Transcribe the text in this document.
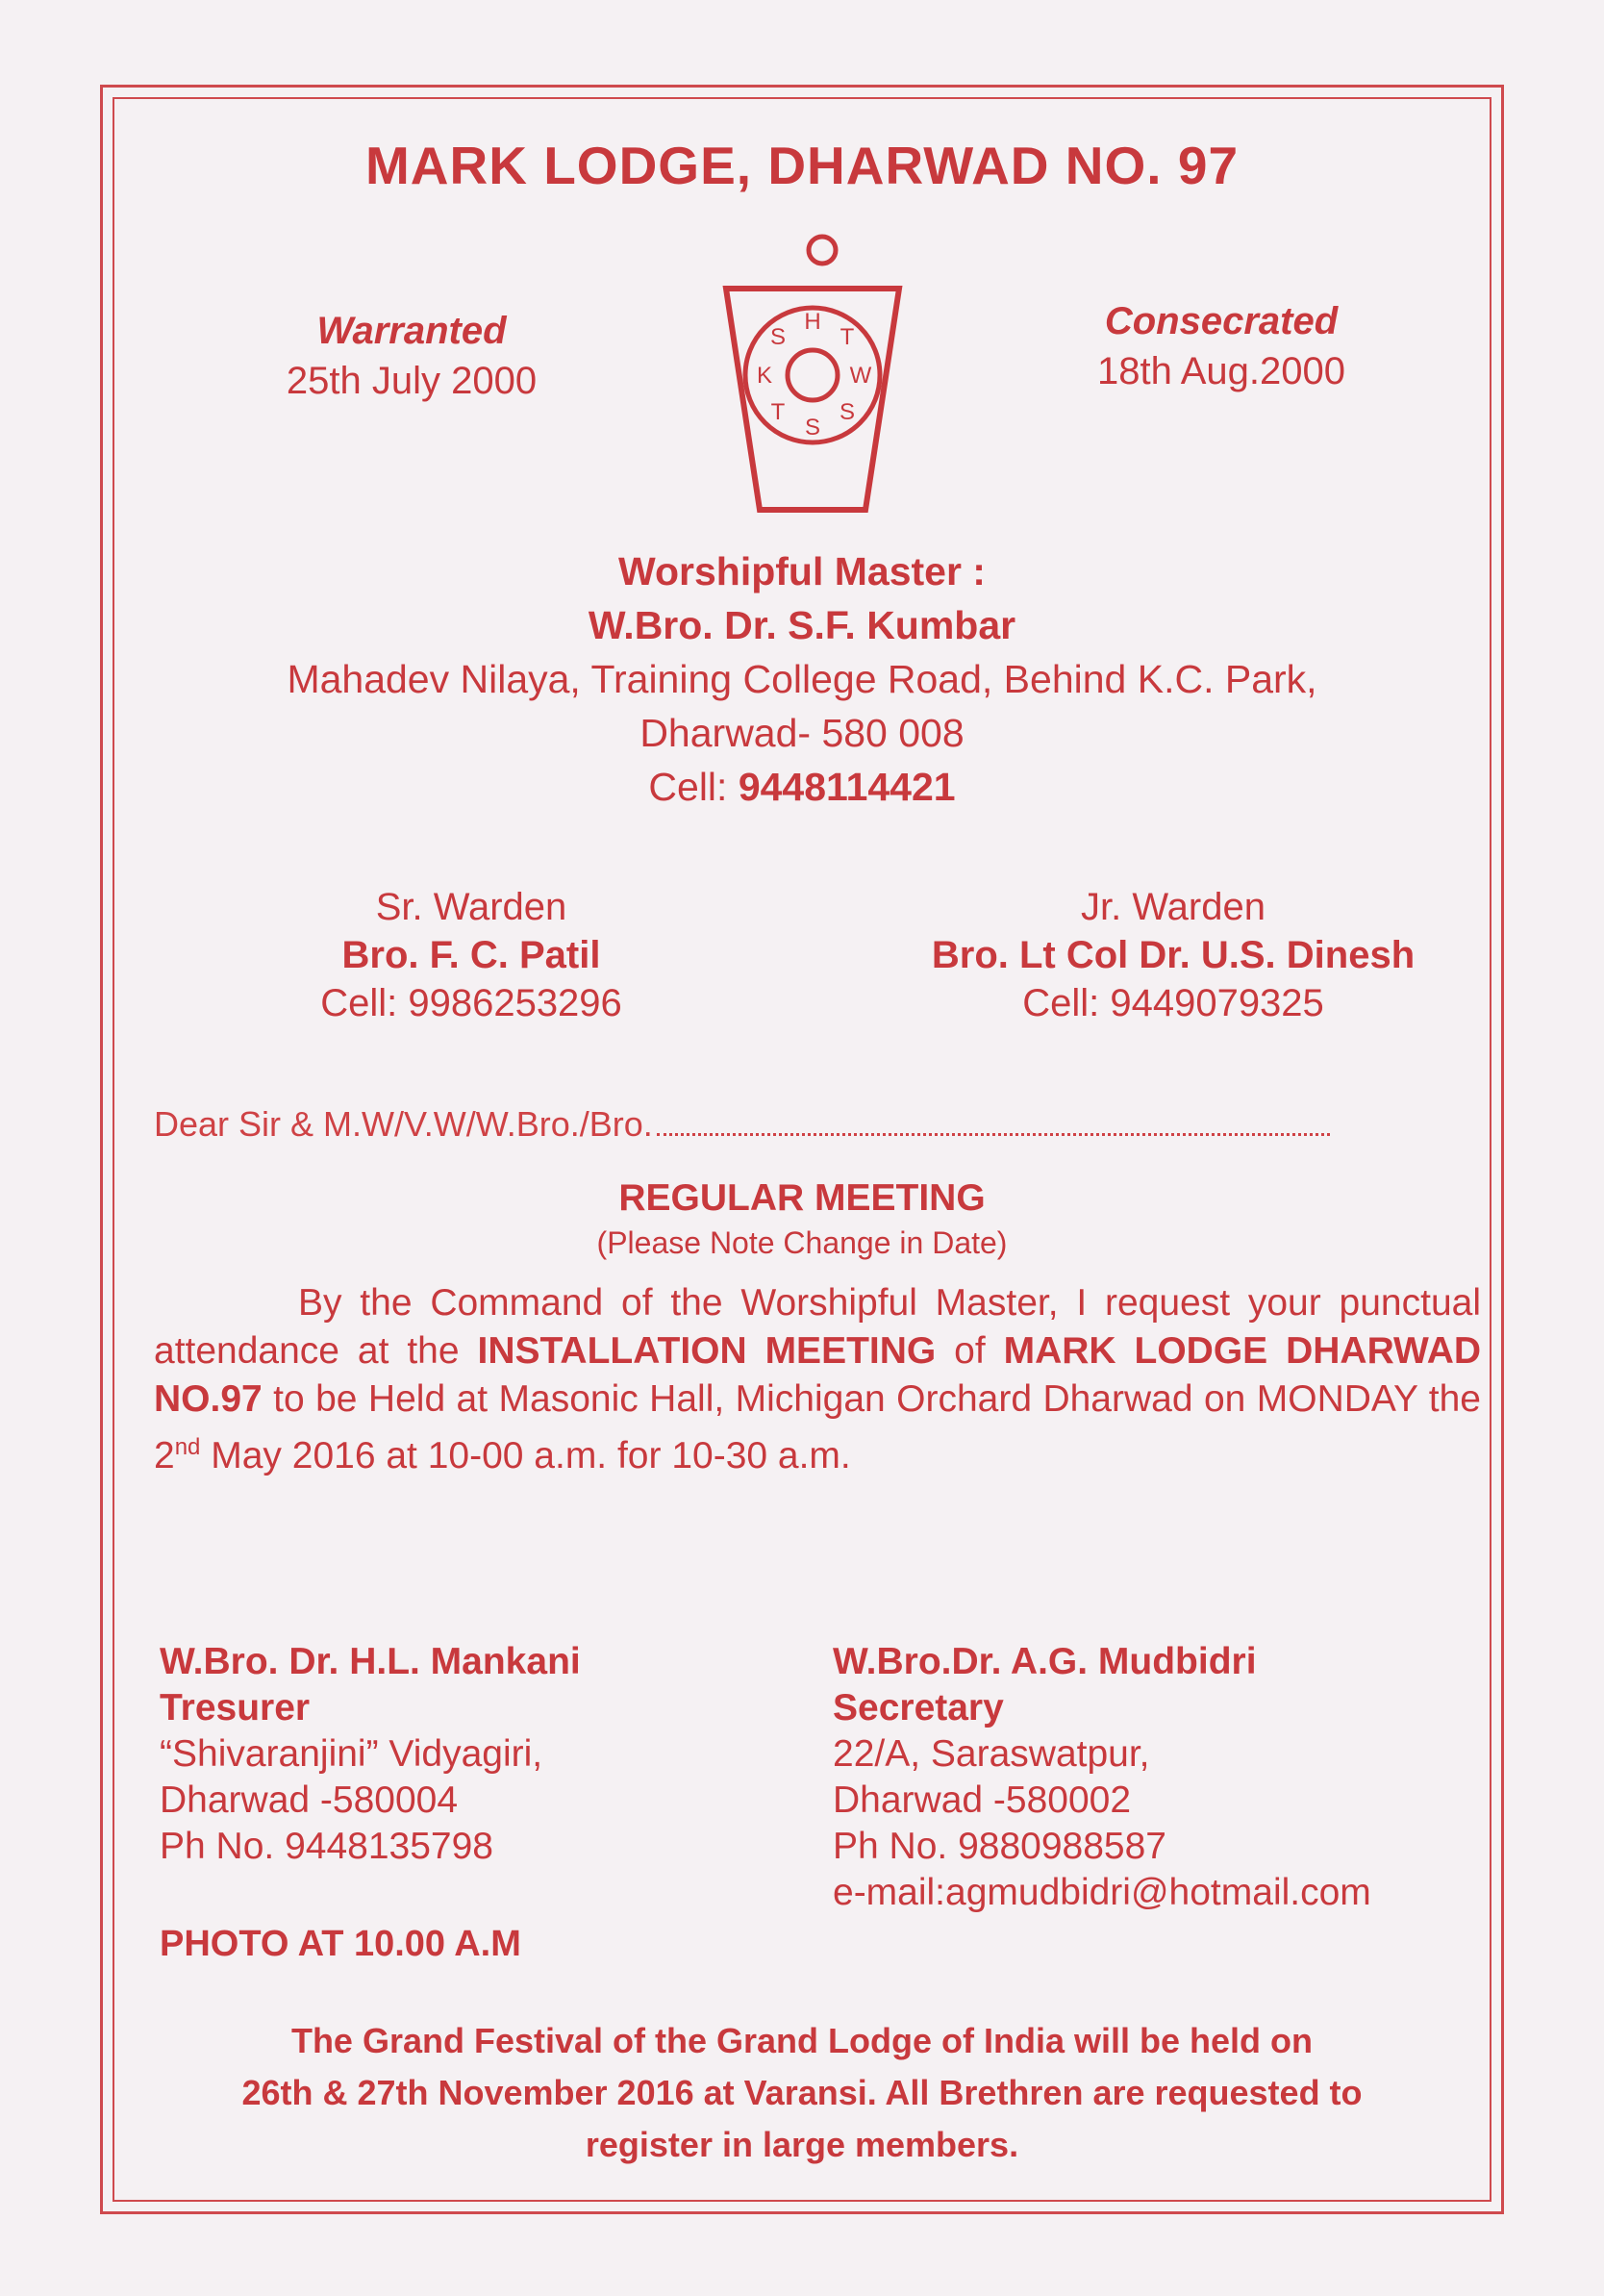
MARK LODGE, DHARWAD NO. 97
Warranted
25th July 2000
Consecrated
18th Aug.2000
H
T
W
S
S
T
K
S
Worshipful Master :
W.Bro. Dr. S.F. Kumbar
Mahadev Nilaya, Training College Road, Behind K.C. Park,
Dharwad- 580 008
Cell: 9448114421
Sr. Warden
Bro. F. C. Patil
Cell: 9986253296
Jr. Warden
Bro. Lt Col Dr. U.S. Dinesh
Cell: 9449079325
Dear Sir & M.W/V.W/W.Bro./Bro.
REGULAR MEETING
(Please Note Change in Date)
By the Command of the Worshipful Master, I request your punctual attendance at the INSTALLATION MEETING of MARK LODGE DHARWAD NO.97 to be Held at Masonic Hall, Michigan Orchard Dharwad on MONDAY the 2nd May 2016 at 10-00 a.m. for 10-30 a.m.
W.Bro. Dr. H.L. Mankani
Tresurer
“Shivaranjini” Vidyagiri,
Dharwad -580004
Ph No. 9448135798
W.Bro.Dr. A.G. Mudbidri
Secretary
22/A, Saraswatpur,
Dharwad -580002
Ph No. 9880988587
e-mail:agmudbidri@hotmail.com
PHOTO AT 10.00 A.M
The Grand Festival of the Grand Lodge of India will be held on
26th & 27th November 2016 at Varansi. All Brethren are requested to
register in large members.
